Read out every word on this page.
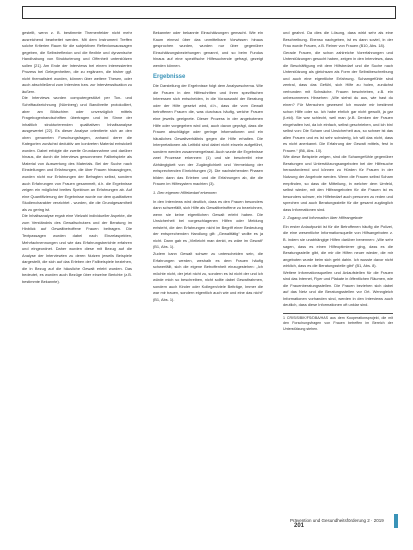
gestellt, wenn z. B. bestimmte Themenfelder nicht mehr ausreichend bearbeitet werden. Mit dem Instrument Treffen solche Kriterien Raum für die subjektiven Reflexionsaussagen gegeben, die Selbstreflexion und die flexible und dynamische Handhabung von Strukturierung und Offenheit unterstützen sollen [21]. Am Ende der Interviews bei einem interessierten Prozess bei Gelegenheiten, die zu ergänzen, die bisher ggf. nicht thematisiert wurden, können über weitere Thesen, oder auch abschließend zum Interview bzw. zur Interviewsituation zu äußern.

Die Interviews wurden computergestützt per Ton- und Schriftaufzeichnung (Nürnberg) und Bandbreite protokolliert, aber am Bildschirm oder unverzüglich mittels Fragebogenhandschriften übertragen und im Sinne der inhaltlich strukturierenden qualitativen Inhaltsanalyse ausgewertet [22]. Es dieser Analyse orientierte sich an den oben genannten Forschungsfragen, anhand derer die Kategorien zunächst deduktiv am konkreten Material entwickelt wurden. Dabei erfolgte die zweite Grundannahme und darüber hinaus, die durch die Interviews gewonnenen Fallbeispiele als Material von Auswertung des Materials. Bei der Suche nach Einstellungen und Erfahrungen, die über Frauen hinausgingen, wurden nicht nur Erfahrungen der Befragten selbst, sondern auch Erfahrungen von Frauen gesammelt, d.h. die Ergebnisse zeigen ein möglichst breites Spektrum an Erfahrungen ab. Auf eine Quantifizierung der Ergebnisse wurde vor dem qualitativen Studiencharakter verzichtet - wurden, die die Grundgesamtheit als zu gering ist.

Die Inhaltsanalyse ergab eine Vielzahl individueller Aspekte, die zum Verständnis des Gewaltschutzes und der Beratung im Hinblick auf Gewaltbetroffene Frauen beitragen. Die Textpassagen wurden dabei nach Einzelaspekten, Mehrfachnennungen und wie das Erfahrungsberichte erfahren und eingeordnet. Daher wurden diese mit Bezug auf die Analyse der Interviewten zu deren Nutzen jeweils Beispiele dargestellt, die sich auf das Erleben der Fallbeispiele beziehen, die in Bezug auf die häusliche Gewalt erlebt wurden. Das bedeutet, es wurden auch Bezüge über einzelne Berichte (z.B. bestimmte Bekannte).

Bekannter oder bekannte Einschätzungen gemacht. Wie ein Kaum einmal über das unmittelbare Vorwissen hinaus gesprochen wurden, wurden nur über gegenüber Einschätzungsbeziehungen genannt, und so beim Fundus hinaus auf eine spezifische Hilfesuchende gefragt, gezeigt werden können.

Ergebnisse

Die Darstellung der Ergebnisse folgt dem Analyseschema. Wie die Frauen in den Hilfeschritten und ihren spezifischen Interessen sich entscheiden, in die Vorauswahl der Beratung oder der Hilfe gesetzt wird, d.h., dass die vom Gewalt betroffenen Frauen die, was durchaus häufig, welche Frauen eine jeweils geeignete. Dieser Prozess in der angebotenen Hilfe oder vorgegeben wird und, auch davon geprägt, dass die Frauen abschlägige oder geringe Informationen und ein häusliches Gewaltverhältnis gegen die Hilfe erhalten. Die Interpretationen als Leitbild sind dabei nicht einzeln aufgeführt, sondern werden zusammengefasst. Auch wurde die Ergebnisse zwei Prozesse erkennen: (1) und sie beschreibt eine Abhängigkeit von der Zugänglichkeit und Vermeidung der entsprechenden Einrichtungen (2). Die nachstehenden Phasen bilden dann das Erleben und die Erfahrungen ab, die die Frauen im Hilfesystem machten (3).

1. Den eigenen Hilfebedarf erkennen

In den Interviews wird deutlich, dass es den Frauen besonders dann schwerfällt, sich Hilfe als Gewaltbetroffene zu bezeichnen, wenn sie keine eigentlichen Gewalt erlebt haben. Die Unsicherheit bei vorgeschlagenen Hilfen oder Meldung entsteht, die den Erfahrungen nicht im Begriff einer Bedeutung der entsprechenden Handlung gilt: „Gewalttätig“ wollte es ja nicht. Dann gab es „Vielleicht man denkt, es wäre im Gewalt“ (B1, Abs. 1).

Zudem kann Gewalt schwer zu unterscheiden sein, die Erfahrungen werden, weshalb es dem Frauen häufig schwerfällt, sich die eigene Betroffenheit einzugestehen: „Ich möchte nicht, der jetzt nicht zu, sondern es ist nicht der und ich würde mich so beschreiben, nicht sollte dabei Gewaltrahmen, sondern auch Kinder oder Kollegen/viele Beiträge, Immer die war mir trauen, sondern eigentlich auch wie und eine das nicht“ (B1, Abs. 1).

und geahnt. Da dies die Lösung, dass wirkt sehr als eine Beschreibung. Ebenso nachgeben, ist es dann soviel, in der Frau wurde Frauen, z.B. Reiner von Frauen (B10, Abs. 18).

Gerade Frauen, die schon zahlreiche Vorerfahrungen und Unterstützungen gesucht haben, zeigen in den Interviews, dass die Beschäftigung mit dem Hilfsbedarf und die Suche nach Unterstützung als gleichsam als Form der Selbstbeschreibung und auch eine eigentliche Erfahrung. Schamgefühle sind zentral, dass das Gefühl, sich Hilfe zu holen, zunächst verbunden mit Schwäche. Frauen beschrieben, z.B. ein unbesonnenes Hinsehen: „Wie siehst du aus, wie hast du einen? Für Menschen gewesen! Ich musste mir bestimmt schon Hilfe oder so. Ich habe ehrlich gar nicht gewollt, ja gar (Leid). Sie war schlecht, weil man (z.B. Denken der Frauen eingehalten hat, da ich einfach, selbst geschrieben, und ich bin/ selbst von: Die Scham und Unsicherheit aus, so schwer ist das allen Frauen und es ist sehr schwierig, ich will das nicht, dass es nicht anerkannt. Die Erfahrung der Gewalt mittels, fest in Frauen.“ (B6, Abs. 10).

Wie diese Beispiele zeigen, sind die Schamgefühle gegenüber Beratungen und Unterstützungsangeboten bei der Hilfesuche herausfordernd und können zu Hürden für Frauen in der Nutzung der Angebote werden. Wenn die Frauen selbst Scham empfinden, so dass die Mitteilung, in welcher dem Umfeld, selbst wieder, mit den Hilfeangeboten für die Frauen ist es besonders schwer, ein Hilfebedarf auch personen zu reden und sprechen und auch Beratungsstelle für die gesamt zugänglich dass Informationen sind.

2. Zugang und Information über Hilfeangebote

Ein erster Anlaufpunkt ist für die Betroffenen häufig die Polizei, die eine wesentliche Informationsquelle von Hilfsangeboten z. B. indem sie unabhängige Hilfen darüber benennen: „Wie sehr sagen, dass es einen Hilfeoptimierer ging, dass es die Beratungsstelle gibt, die mir die Hilfen neuer wieder, die mir angeboten wurde beim sich geht dahin. Ich wusste davor nicht wirklich, dass es die Beratungsstelle gibt“ (B1, Abs. 8).

Weitere Informationsquellen und Anlaufstellen für die Frauen sind das Internet, Flyer und Plakate in öffentlichen Räumen, wie die Frauenberatungsstellen. Die Frauen beziehen sich dabei auf das Netz und die Beratungsstellen vor Ort. Wenngleich Informationen vorhanden sind, werden in den Interviews auch deutlich, dass diese Informationen oft unklar sind.

1 CRISIS/BIK/FS/DBA/HAS aus dem Kooperationsprojekt, die mit den Forschungsfragen von Frauen betreffen im Bereich der Unterstützung stehen.
Prävention und Gesundheitsförderung 2 · 2019 201
